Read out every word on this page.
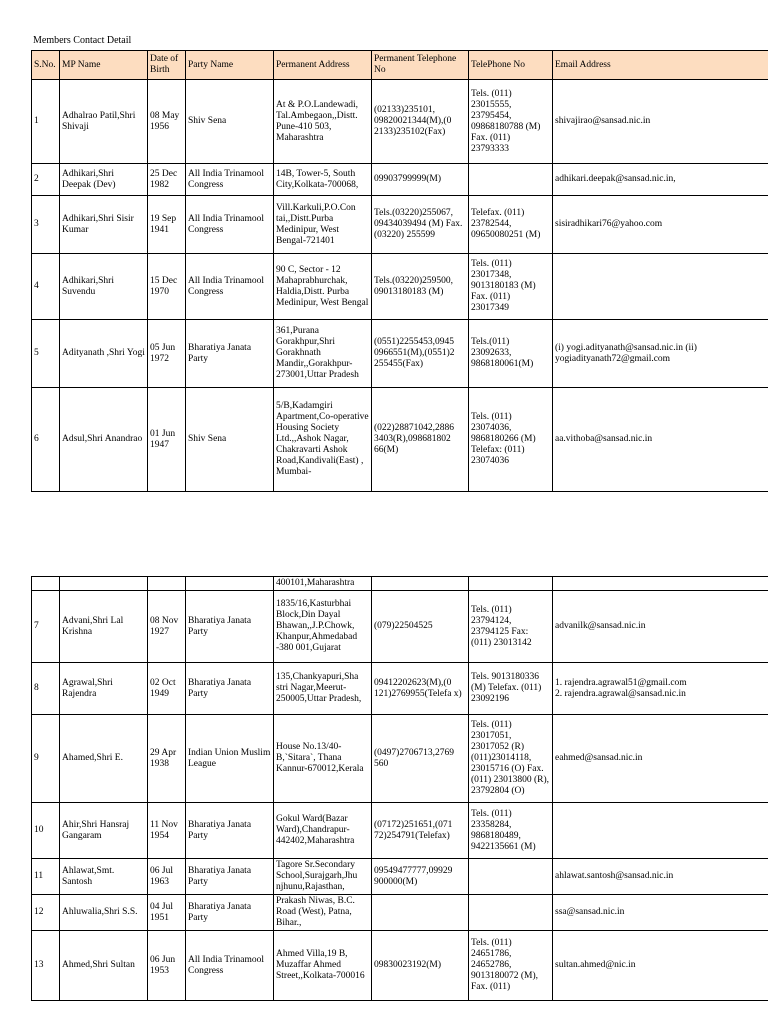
Members Contact Detail
S.No.	MP Name	Date of Birth	Party Name	Permanent Address	Permanent Telephone No	TelePhone No	Email Address
1	Adhalrao Patil,Shri Shivaji	08 May 1956	Shiv Sena	At & P.O.Landewadi, Tal.Ambegaon,,Distt. Pune-410 503, Maharashtra	(02133)235101, 09820021344(M),(0 2133)235102(Fax)	Tels. (011) 23015555, 23795454, 09868180788 (M) Fax. (011) 23793333	shivajirao@sansad.nic.in
2	Adhikari,Shri Deepak (Dev)	25 Dec 1982	All India Trinamool Congress	14B, Tower-5, South City,Kolkata-700068,	09903799999(M)		adhikari.deepak@sansad.nic.in,
3	Adhikari,Shri Sisir Kumar	19 Sep 1941	All India Trinamool Congress	Vill.Karkuli,P.O.Con tai,,Distt.Purba Medinipur, West Bengal-721401	Tels.(03220)255067, 09434039494 (M) Fax. (03220) 255599	Telefax. (011) 23782544, 09650080251 (M)	sisiradhikari76@yahoo.com
4	Adhikari,Shri Suvendu	15 Dec 1970	All India Trinamool Congress	90 C, Sector - 12 Mahaprabhurchak, Haldia,Distt. Purba Medinipur, West Bengal	Tels.(03220)259500, 09013180183 (M)	Tels. (011) 23017348, 9013180183 (M) Fax. (011) 23017349	
5	Adityanath ,Shri Yogi	05 Jun 1972	Bharatiya Janata Party	361,Purana Gorakhpur,Shri Gorakhnath Mandir,,Gorakhpur-273001,Uttar Pradesh	(0551)2255453,0945 0966551(M),(0551)2 255455(Fax)	Tels.(011) 23092633, 9868180061(M)	(i) yogi.adityanath@sansad.nic.in (ii) yogiadityanath72@gmail.com
6	Adsul,Shri Anandrao	01 Jun 1947	Shiv Sena	5/B,Kadamgiri Apartment,Co-operative Housing Society Ltd.,,Ashok Nagar, Chakravarti Ashok Road,Kandivali(East) , Mumbai-	(022)28871042,2886 3403(R),098681802 66(M)	Tels. (011) 23074036, 9868180266 (M) Telefax: (011) 23074036	aa.vithoba@sansad.nic.in
				400101,Maharashtra			
7	Advani,Shri Lal Krishna	08 Nov 1927	Bharatiya Janata Party	1835/16,Kasturbhai Block,Din Dayal Bhawan,,J.P.Chowk, Khanpur,Ahmedabad -380 001,Gujarat	(079)22504525	Tels. (011) 23794124, 23794125 Fax: (011) 23013142	advanilk@sansad.nic.in
8	Agrawal,Shri Rajendra	02 Oct 1949	Bharatiya Janata Party	135,Chankyapuri,Sha stri Nagar,Meerut-250005,Uttar Pradesh,	09412202623(M),(0 121)2769955(Telefa x)	Tels. 9013180336 (M) Telefax. (011) 23092196	1. rajendra.agrawal51@gmail.com
2. rajendra.agrawal@sansad.nic.in
9	Ahamed,Shri E.	29 Apr 1938	Indian Union Muslim League	House No.13/40-B,`Sitara`, Thana Kannur-670012,Kerala	(0497)2706713,2769 560	Tels. (011) 23017051, 23017052 (R) (011)23014118, 23015716 (O) Fax. (011) 23013800 (R), 23792804 (O)	eahmed@sansad.nic.in
10	Ahir,Shri Hansraj Gangaram	11 Nov 1954	Bharatiya Janata Party	Gokul Ward(Bazar Ward),Chandrapur-442402,Maharashtra	(07172)251651,(071 72)254791(Telefax)	Tels. (011) 23358284, 9868180489, 9422135661 (M)	
11	Ahlawat,Smt. Santosh	06 Jul 1963	Bharatiya Janata Party	Tagore Sr.Secondary School,Surajgarh,Jhu njhunu,Rajasthan,	09549477777,09929 900000(M)		ahlawat.santosh@sansad.nic.in
12	Ahluwalia,Shri S.S.	04 Jul 1951	Bharatiya Janata Party	Prakash Niwas, B.C. Road (West), Patna, Bihar.,			ssa@sansad.nic.in
13	Ahmed,Shri Sultan	06 Jun 1953	All India Trinamool Congress	Ahmed Villa,19 B, Muzaffar Ahmed Street,,Kolkata-700016	09830023192(M)	Tels. (011) 24651786, 24652786, 9013180072 (M), Fax. (011)	sultan.ahmed@nic.in
